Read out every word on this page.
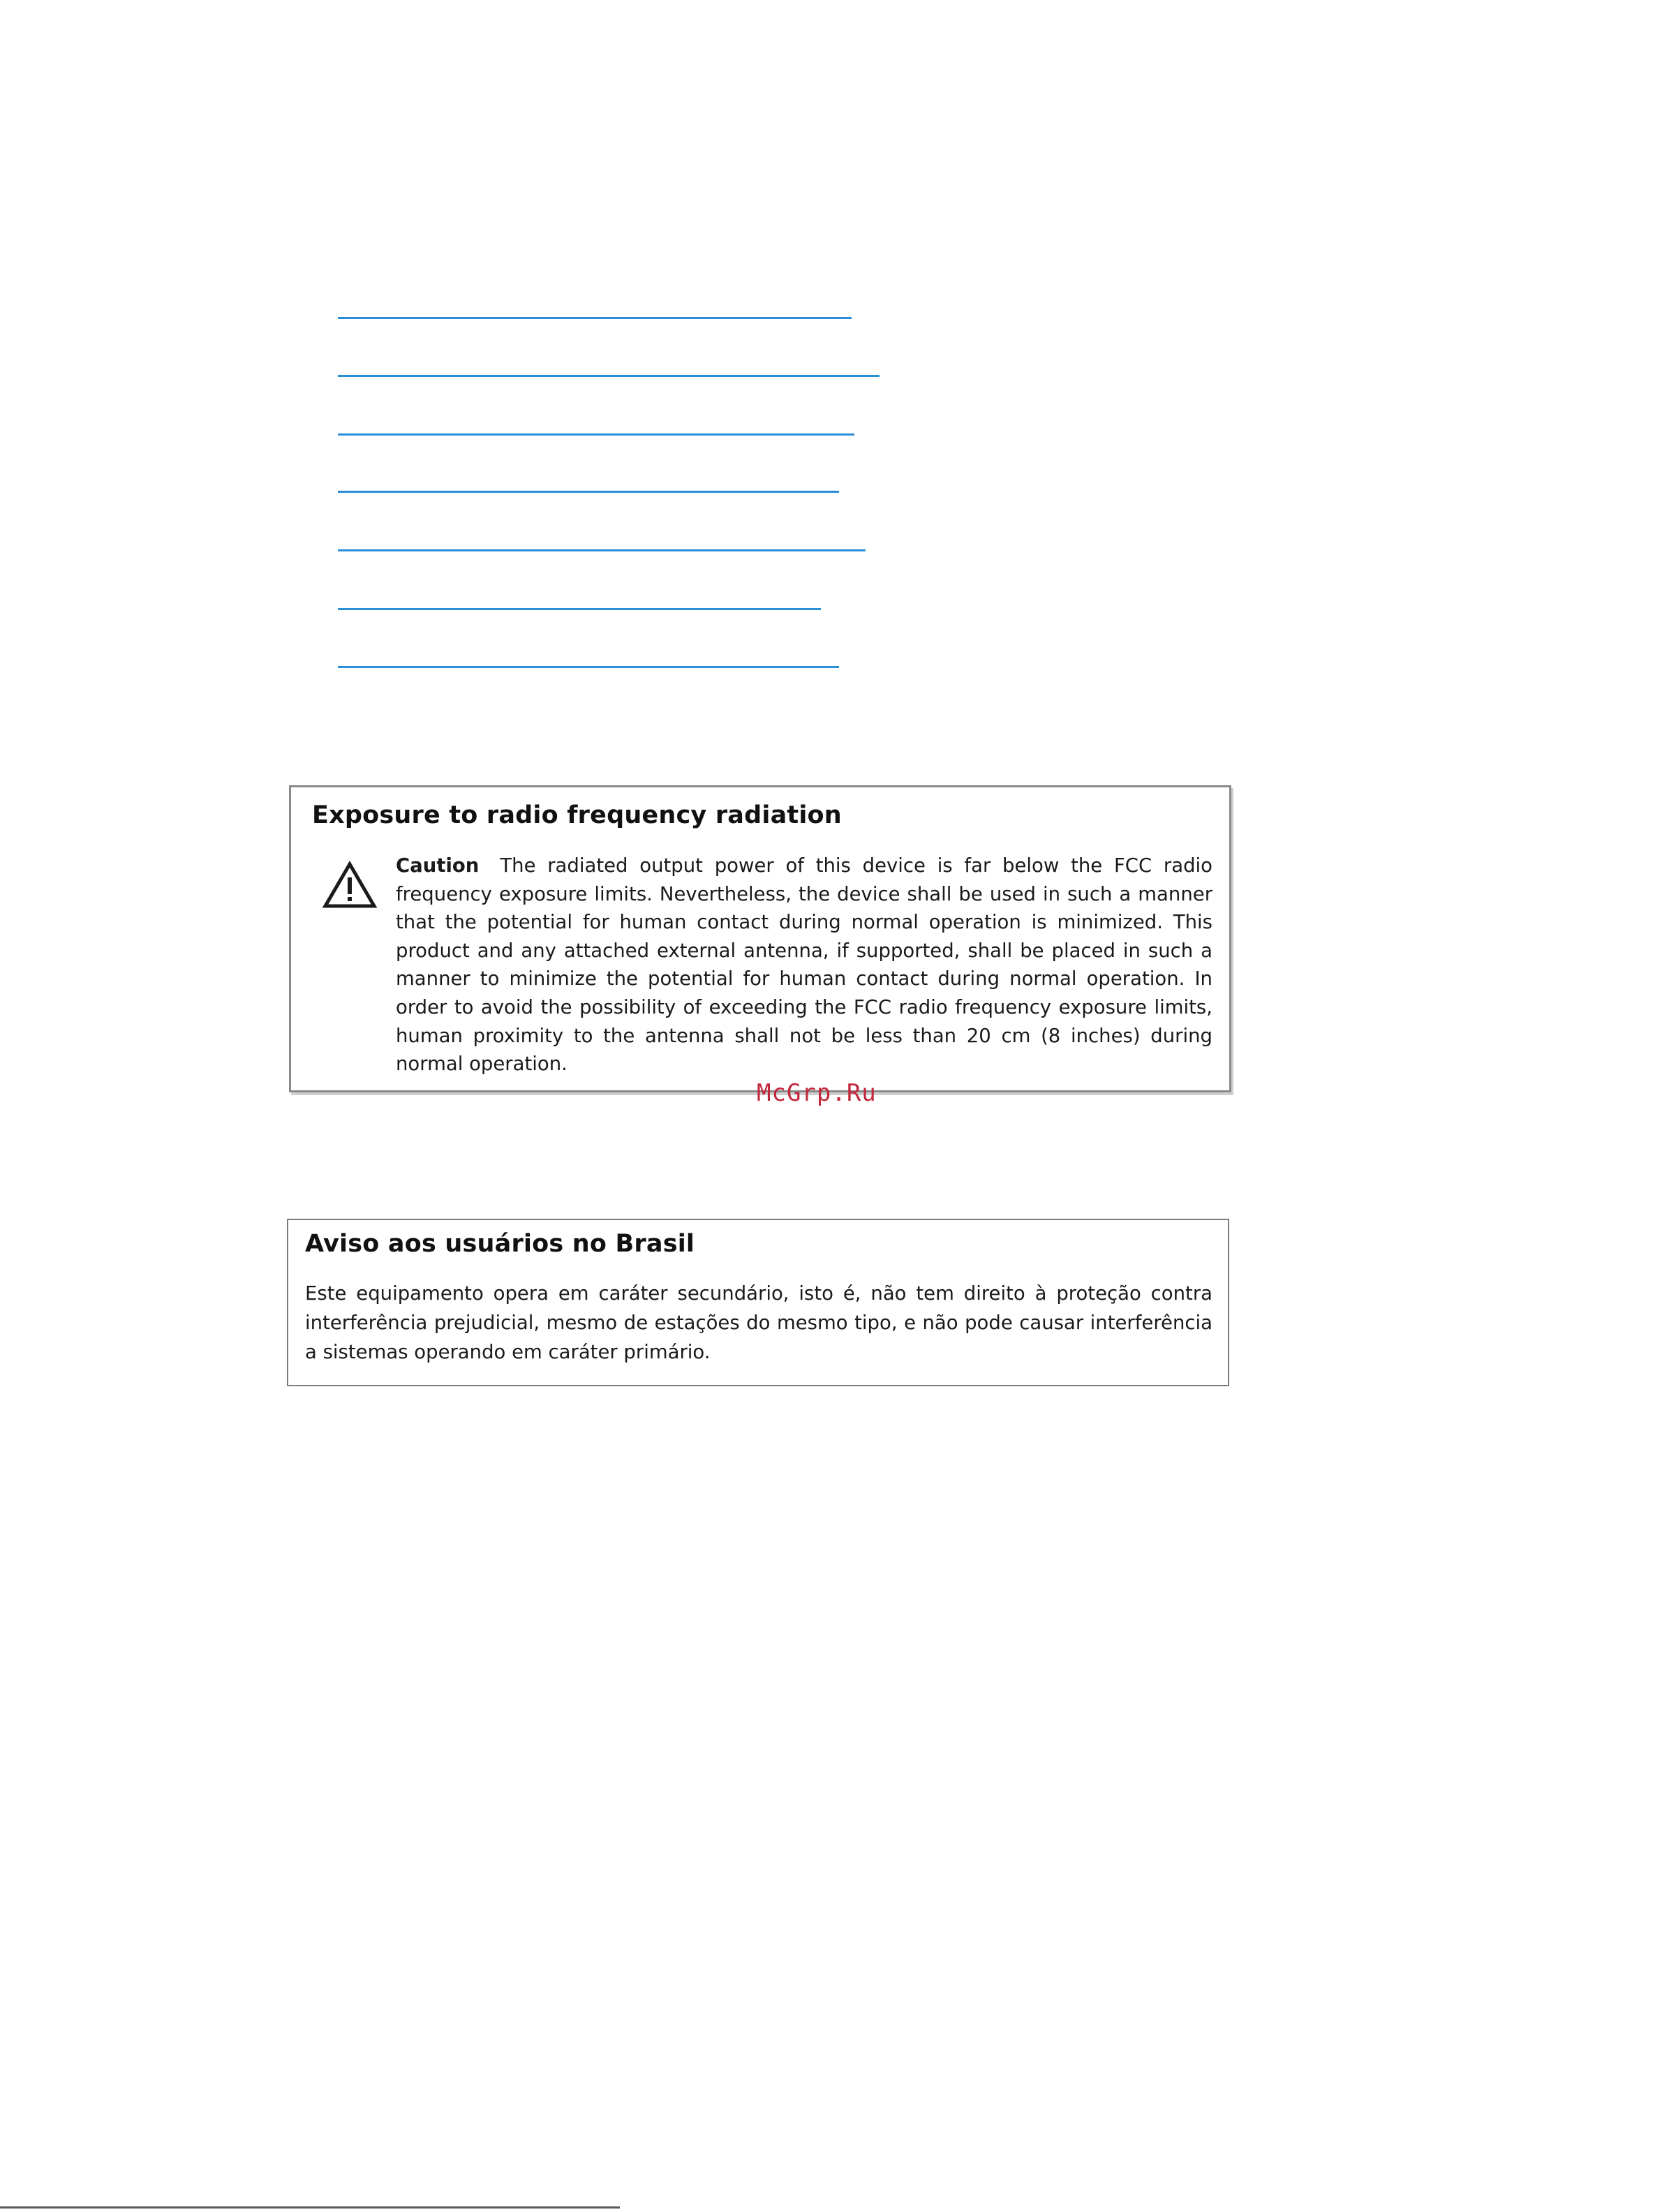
Exposure to radio frequency radiation
Caution The radiated output power of this device is far below the FCC radio frequency exposure limits. Nevertheless, the device shall be used in such a manner that the potential for human contact during normal operation is minimized. This product and any attached external antenna, if supported, shall be placed in such a manner to minimize the potential for human contact during normal operation. In order to avoid the possibility of exceeding the FCC radio frequency exposure limits, human proximity to the antenna shall not be less than 20 cm (8 inches) during normal operation.
McGrp.Ru
Aviso aos usuários no Brasil
Este equipamento opera em caráter secundário, isto é, não tem direito à proteção contra interferência prejudicial, mesmo de estações do mesmo tipo, e não pode causar interferência a sistemas operando em caráter primário.
